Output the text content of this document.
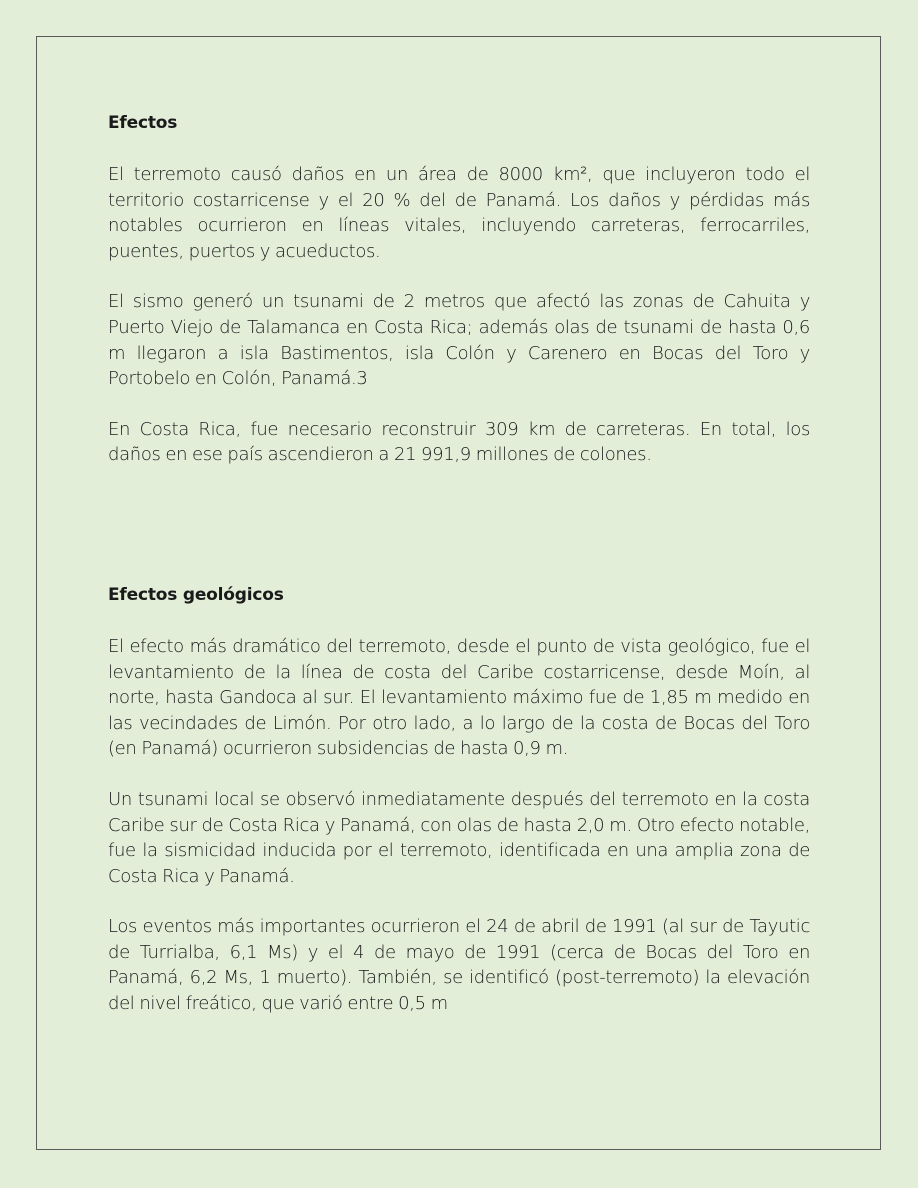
Efectos

El terremoto causó daños en un área de 8000 km², que incluyeron todo el territorio costarricense y el 20 % del de Panamá. Los daños y pérdidas más notables ocurrieron en líneas vitales, incluyendo carreteras, ferrocarriles, puentes, puertos y acueductos.

El sismo generó un tsunami de 2 metros que afectó las zonas de Cahuita y Puerto Viejo de Talamanca en Costa Rica; además olas de tsunami de hasta 0,6 m llegaron a isla Bastimentos, isla Colón y Carenero en Bocas del Toro y Portobelo en Colón, Panamá.3

En Costa Rica, fue necesario reconstruir 309 km de carreteras. En total, los daños en ese país ascendieron a 21 991,9 millones de colones.

Efectos geológicos

El efecto más dramático del terremoto, desde el punto de vista geológico, fue el levantamiento de la línea de costa del Caribe costarricense, desde Moín, al norte, hasta Gandoca al sur. El levantamiento máximo fue de 1,85 m medido en las vecindades de Limón. Por otro lado, a lo largo de la costa de Bocas del Toro (en Panamá) ocurrieron subsidencias de hasta 0,9 m.

Un tsunami local se observó inmediatamente después del terremoto en la costa Caribe sur de Costa Rica y Panamá, con olas de hasta 2,0 m. Otro efecto notable, fue la sismicidad inducida por el terremoto, identificada en una amplia zona de Costa Rica y Panamá.

Los eventos más importantes ocurrieron el 24 de abril de 1991 (al sur de Tayutic de Turrialba, 6,1 Ms) y el 4 de mayo de 1991 (cerca de Bocas del Toro en Panamá, 6,2 Ms, 1 muerto). También, se identificó (post-terremoto) la elevación del nivel freático, que varió entre 0,5 m
